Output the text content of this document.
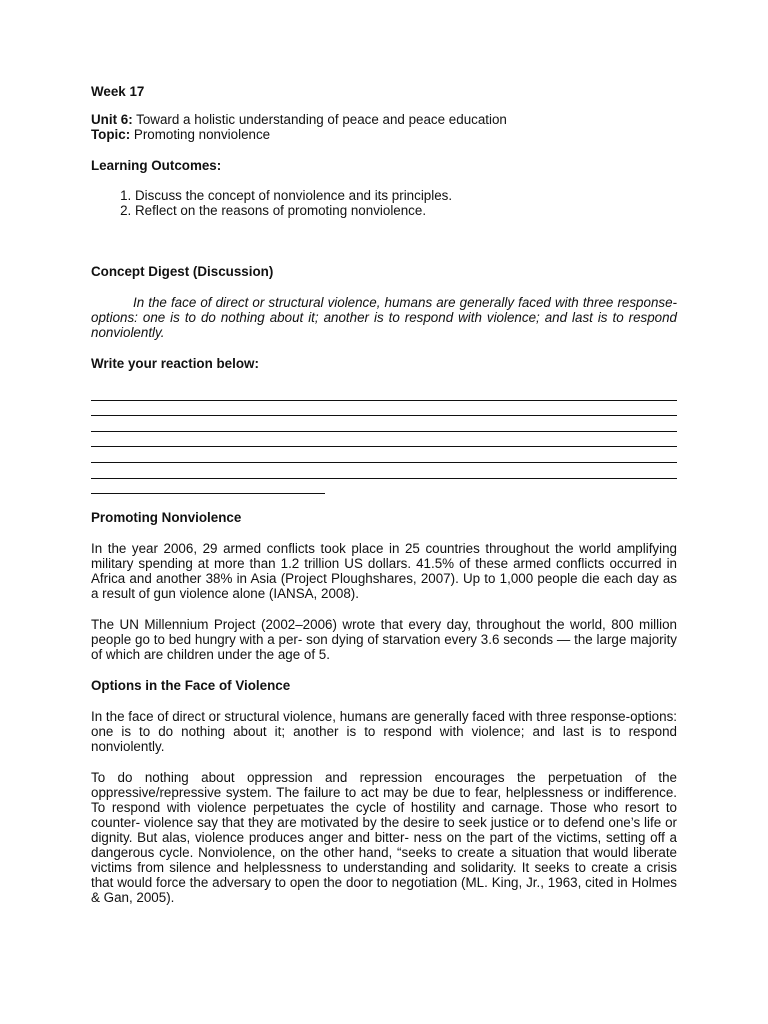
Week 17

Unit 6: Toward a holistic understanding of peace and peace education

Topic: Promoting nonviolence

Learning Outcomes:

1. Discuss the concept of nonviolence and its principles.
2. Reflect on the reasons of promoting nonviolence.

Concept Digest (Discussion)

In the face of direct or structural violence, humans are generally faced with three response-options: one is to do nothing about it; another is to respond with violence; and last is to respond nonviolently.

Write your reaction below:

Promoting Nonviolence

In the year 2006, 29 armed conflicts took place in 25 countries throughout the world amplifying military spending at more than 1.2 trillion US dollars. 41.5% of these armed conflicts occurred in Africa and another 38% in Asia (Project Ploughshares, 2007). Up to 1,000 people die each day as a result of gun violence alone (IANSA, 2008).

The UN Millennium Project (2002–2006) wrote that every day, throughout the world, 800 million people go to bed hungry with a per- son dying of starvation every 3.6 seconds — the large majority of which are children under the age of 5.

Options in the Face of Violence

In the face of direct or structural violence, humans are generally faced with three response-options: one is to do nothing about it; another is to respond with violence; and last is to respond nonviolently.

To do nothing about oppression and repression encourages the perpetuation of the oppressive/repressive system. The failure to act may be due to fear, helplessness or indifference. To respond with violence perpetuates the cycle of hostility and carnage. Those who resort to counter- violence say that they are motivated by the desire to seek justice or to defend one’s life or dignity. But alas, violence produces anger and bitter- ness on the part of the victims, setting off a dangerous cycle. Nonviolence, on the other hand, “seeks to create a situation that would liberate victims from silence and helplessness to understanding and solidarity. It seeks to create a crisis that would force the adversary to open the door to negotiation (ML. King, Jr., 1963, cited in Holmes & Gan, 2005).
